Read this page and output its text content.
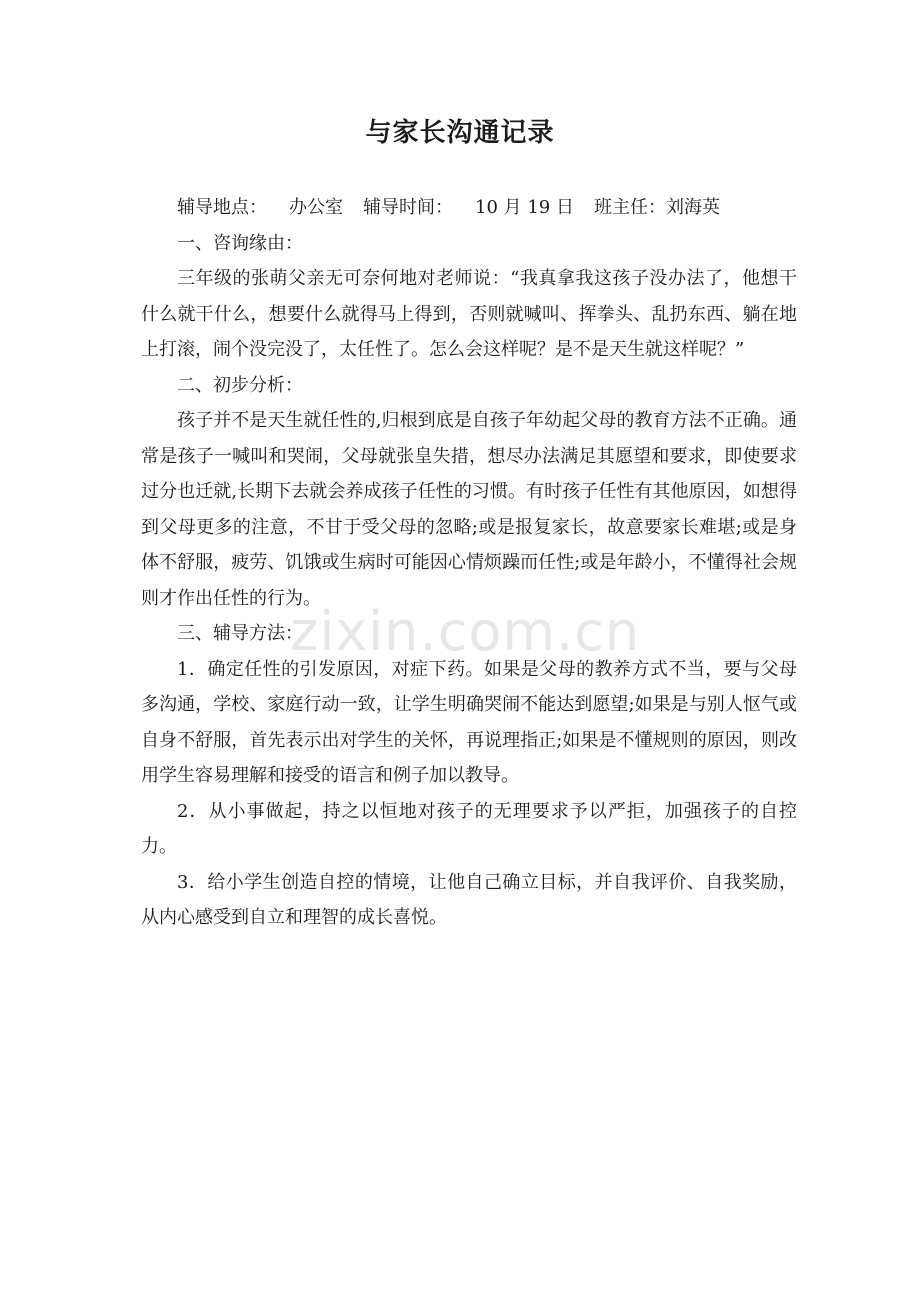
与家长沟通记录
辅导地点： 办公室 辅导时间： 10 月 19 日 班主任：刘海英
一、咨询缘由：

三年级的张萌父亲无可奈何地对老师说：“我真拿我这孩子没办法了，他想干什么就干什么，想要什么就得马上得到，否则就喊叫、挥拳头、乱扔东西、躺在地上打滚，闹个没完没了，太任性了。怎么会这样呢？是不是天生就这样呢？”

二、初步分析：

孩子并不是天生就任性的,归根到底是自孩子年幼起父母的教育方法不正确。通常是孩子一喊叫和哭闹，父母就张皇失措，想尽办法满足其愿望和要求，即使要求过分也迁就,长期下去就会养成孩子任性的习惯。有时孩子任性有其他原因，如想得到父母更多的注意，不甘于受父母的忽略;或是报复家长，故意要家长难堪;或是身体不舒服，疲劳、饥饿或生病时可能因心情烦躁而任性;或是年龄小，不懂得社会规则才作出任性的行为。

三、辅导方法：

1．确定任性的引发原因，对症下药。如果是父母的教养方式不当，要与父母多沟通，学校、家庭行动一致，让学生明确哭闹不能达到愿望;如果是与别人怄气或自身不舒服，首先表示出对学生的关怀，再说理指正;如果是不懂规则的原因，则改用学生容易理解和接受的语言和例子加以教导。

2．从小事做起，持之以恒地对孩子的无理要求予以严拒，加强孩子的自控力。

3．给小学生创造自控的情境，让他自己确立目标，并自我评价、自我奖励，从内心感受到自立和理智的成长喜悦。

zixin.com.cn
